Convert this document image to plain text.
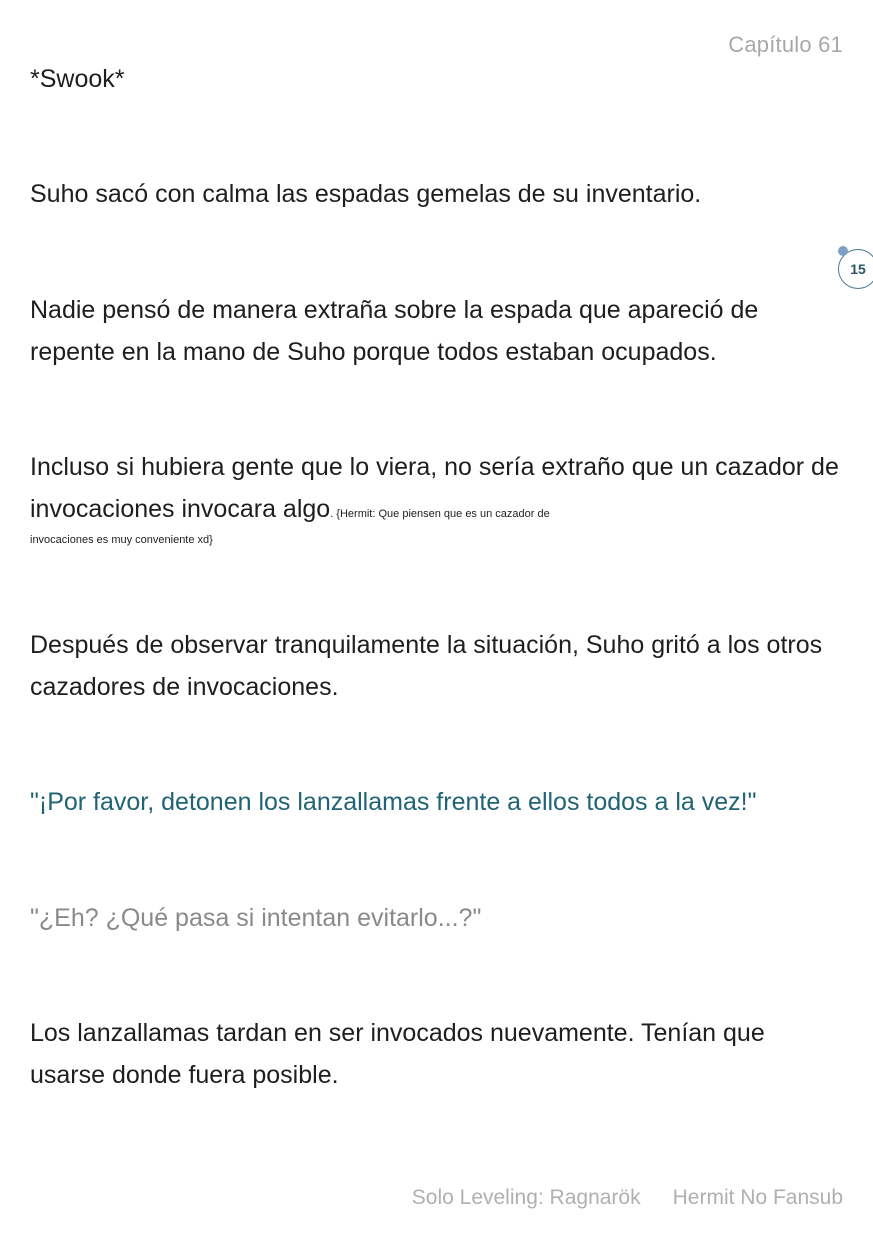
Capítulo 61

*Swook*

Suho sacó con calma las espadas gemelas de su inventario.

15

Nadie pensó de manera extraña sobre la espada que apareció de repente en la mano de Suho porque todos estaban ocupados.

Incluso si hubiera gente que lo viera, no sería extraño que un cazador de invocaciones invocara algo. {Hermit: Que piensen que es un cazador de

invocaciones es muy conveniente xd}

Después de observar tranquilamente la situación, Suho gritó a los otros cazadores de invocaciones.

"¡Por favor, detonen los lanzallamas frente a ellos todos a la vez!"

"¿Eh? ¿Qué pasa si intentan evitarlo...?"

Los lanzallamas tardan en ser invocados nuevamente. Tenían que usarse donde fuera posible.

Solo Leveling: Ragnarök Hermit No Fansub
